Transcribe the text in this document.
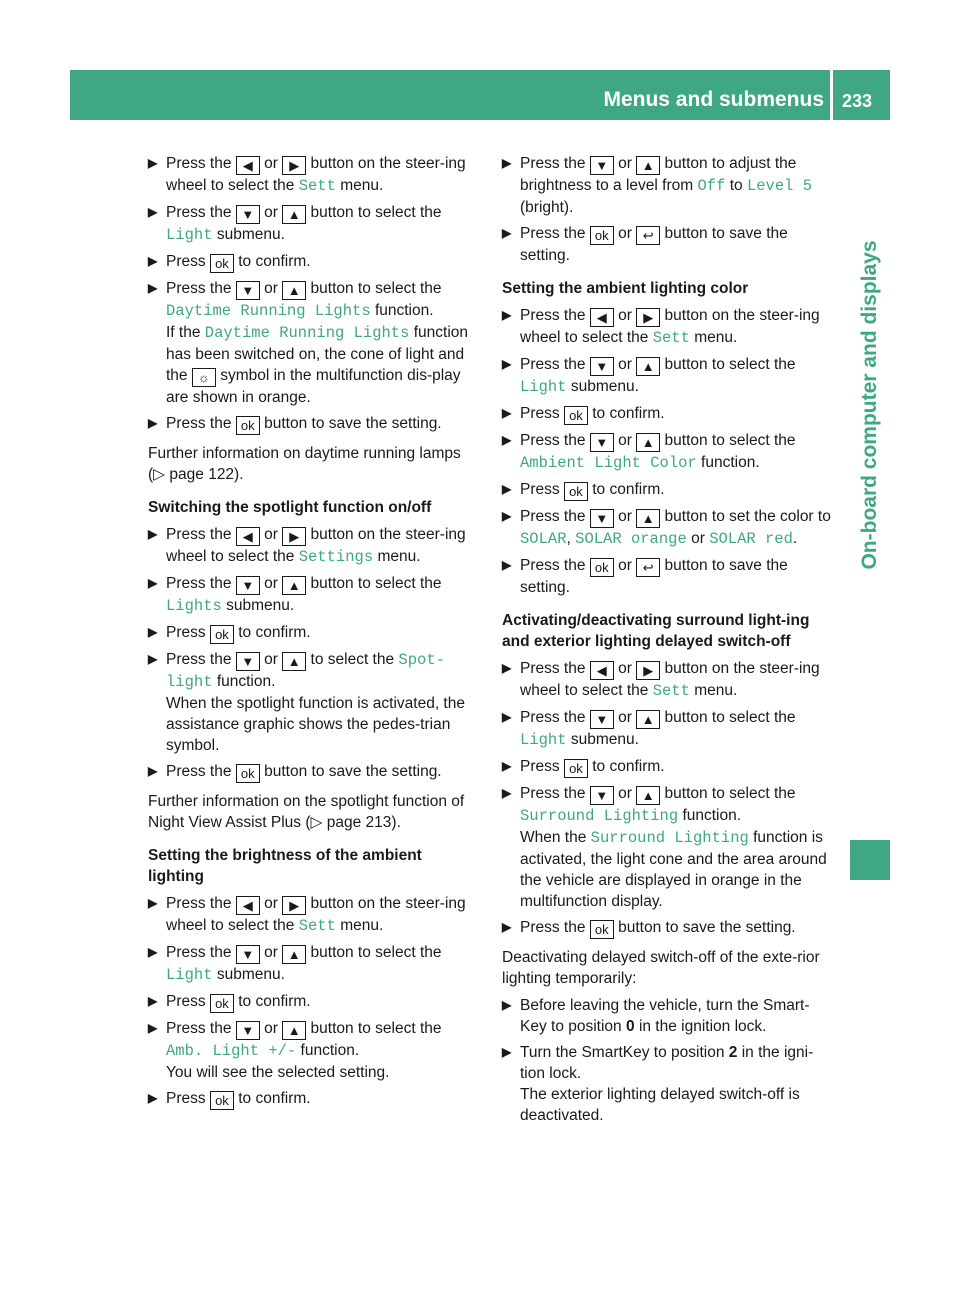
Menus and submenus 233
On-board computer and displays
▶ Press the ◀ or ▶ button on the steer-ing wheel to select the Sett menu.
▶ Press the ▼ or ▲ button to select the Light submenu.
▶ Press ok to confirm.
▶ Press the ▼ or ▲ button to select the Daytime Running Lights function.
If the Daytime Running Lights function has been switched on, the cone of light and the ☼ symbol in the multifunction dis-play are shown in orange.
▶ Press the ok button to save the setting.
Further information on daytime running lamps (▷ page 122).
Switching the spotlight function on/off
▶ Press the ◀ or ▶ button on the steer-ing wheel to select the Settings menu.
▶ Press the ▼ or ▲ button to select the Lights submenu.
▶ Press ok to confirm.
▶ Press the ▼ or ▲ to select the Spot‐light function.
When the spotlight function is activated, the assistance graphic shows the pedes-trian symbol.
▶ Press the ok button to save the setting.
Further information on the spotlight function of Night View Assist Plus (▷ page 213).
Setting the brightness of the ambient lighting
▶ Press the ◀ or ▶ button on the steer-ing wheel to select the Sett menu.
▶ Press the ▼ or ▲ button to select the Light submenu.
▶ Press ok to confirm.
▶ Press the ▼ or ▲ button to select the Amb. Light +/- function.
You will see the selected setting.
▶ Press ok to confirm.
▶ Press the ▼ or ▲ button to adjust the brightness to a level from Off to Level 5 (bright).
▶ Press the ok or ↩ button to save the setting.
Setting the ambient lighting color
▶ Press the ◀ or ▶ button on the steer-ing wheel to select the Sett menu.
▶ Press the ▼ or ▲ button to select the Light submenu.
▶ Press ok to confirm.
▶ Press the ▼ or ▲ button to select the Ambient Light Color function.
▶ Press ok to confirm.
▶ Press the ▼ or ▲ button to set the color to SOLAR, SOLAR orange or SOLAR red.
▶ Press the ok or ↩ button to save the setting.
Activating/deactivating surround light-ing and exterior lighting delayed switch-off
▶ Press the ◀ or ▶ button on the steer-ing wheel to select the Sett menu.
▶ Press the ▼ or ▲ button to select the Light submenu.
▶ Press ok to confirm.
▶ Press the ▼ or ▲ button to select the Surround Lighting function.
When the Surround Lighting function is activated, the light cone and the area around the vehicle are displayed in orange in the multifunction display.
▶ Press the ok button to save the setting.
Deactivating delayed switch-off of the exte-rior lighting temporarily:
▶ Before leaving the vehicle, turn the Smart-Key to position 0 in the ignition lock.
▶ Turn the SmartKey to position 2 in the igni-tion lock.
The exterior lighting delayed switch-off is deactivated.
